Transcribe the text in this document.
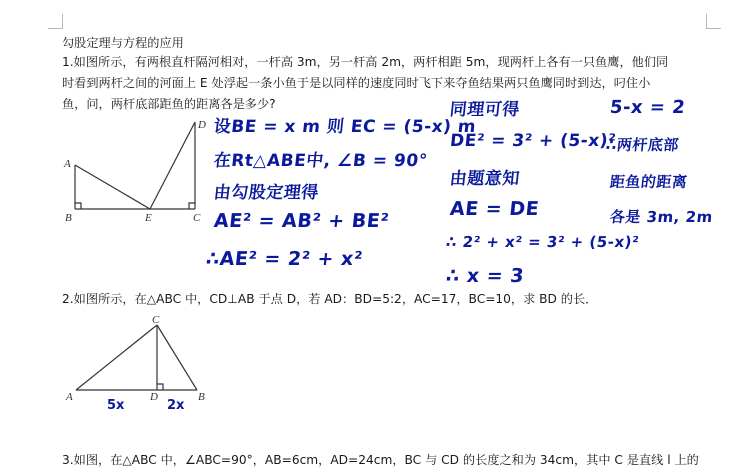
勾股定理与方程的应用
1.如图所示，有两根直杆隔河相对，一杆高 3m，另一杆高 2m，两杆相距 5m，现两杆上各有一只鱼鹰，他们同
时看到两杆之间的河面上 E 处浮起一条小鱼于是以同样的速度同时飞下来夺鱼结果两只鱼鹰同时到达，叼住小
鱼，问，两杆底部距鱼的距离各是多少?
A
B	E	C
D 设BE = x m 则 EC = (5-x) m
在Rt△ABE中, ∠B = 90°
由勾股定理得
AE² = AB² + BE²
∴AE² = 2² + x²
同理可得
DE² = 3² + (5-x)²
由题意知
AE = DE
∴ 2² + x² = 3² + (5-x)²
∴ x = 3
5-x = 2
∴两杆底部
距鱼的距离
各是 3m, 2m
2.如图所示，在△ABC 中，CD⊥AB 于点 D，若 AD：BD=5:2，AC=17，BC=10，求 BD 的长．
C
A	D	B
5x	2x
3.如图，在△ABC 中，∠ABC=90°，AB=6cm，AD=24cm，BC 与 CD 的长度之和为 34cm，其中 C 是直线 l 上的
